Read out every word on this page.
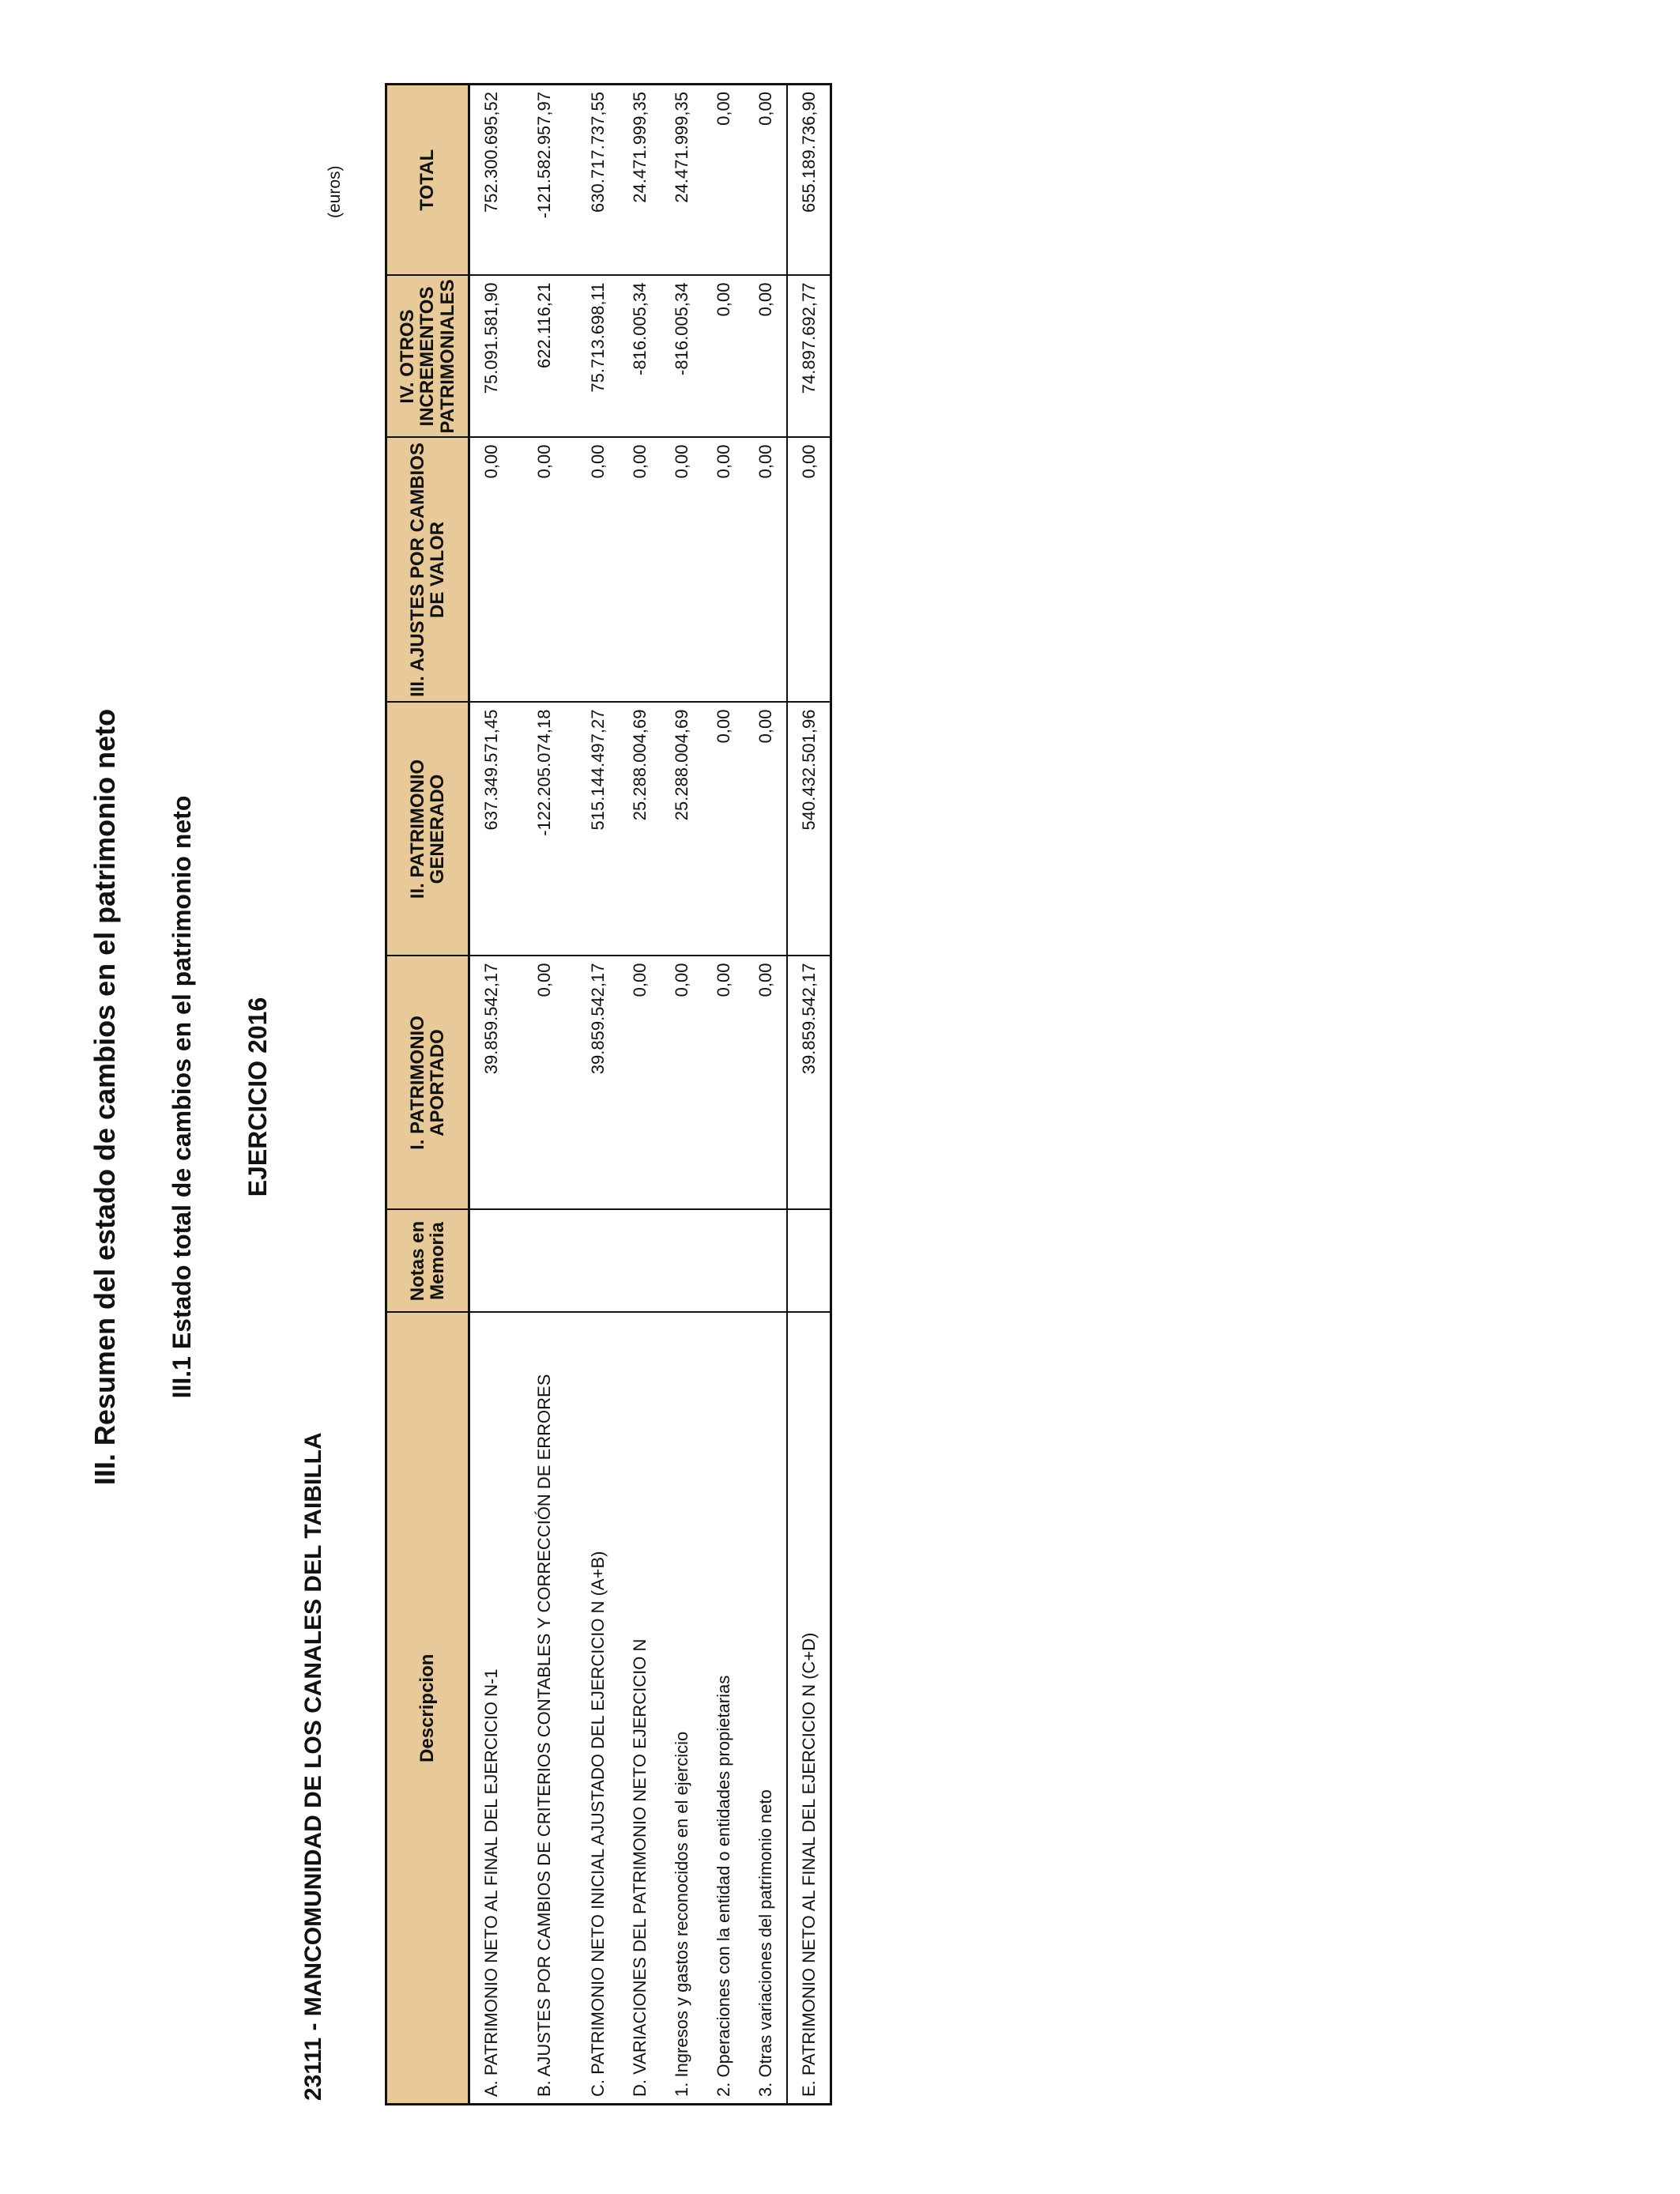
III. Resumen del estado de cambios en el patrimonio neto III.1 Estado total de cambios en el patrimonio neto EJERCICIO 2016
23111 - MANCOMUNIDAD DE LOS CANALES DEL TAIBILLA
(euros)
Descripcion	Notas en Memoria	I. PATRIMONIO APORTADO	II. PATRIMONIO GENERADO	III. AJUSTES POR CAMBIOS DE VALOR	IV. OTROS INCREMENTOS PATRIMONIALES	TOTAL
A. PATRIMONIO NETO AL FINAL DEL EJERCICIO N-1		39.859.542,17	637.349.571,45	0,00	75.091.581,90	752.300.695,52
B. AJUSTES POR CAMBIOS DE CRITERIOS CONTABLES Y CORRECCIÓN DE ERRORES		0,00	-122.205.074,18	0,00	622.116,21	-121.582.957,97
C. PATRIMONIO NETO INICIAL AJUSTADO DEL EJERCICIO N (A+B)		39.859.542,17	515.144.497,27	0,00	75.713.698,11	630.717.737,55
D. VARIACIONES DEL PATRIMONIO NETO EJERCICIO N		0,00	25.288.004,69	0,00	-816.005,34	24.471.999,35
1. Ingresos y gastos reconocidos en el ejercicio		0,00	25.288.004,69	0,00	-816.005,34	24.471.999,35
2. Operaciones con la entidad o entidades propietarias		0,00	0,00	0,00	0,00	0,00
3. Otras variaciones del patrimonio neto		0,00	0,00	0,00	0,00	0,00
E. PATRIMONIO NETO AL FINAL DEL EJERCICIO N (C+D)		39.859.542,17	540.432.501,96	0,00	74.897.692,77	655.189.736,90
